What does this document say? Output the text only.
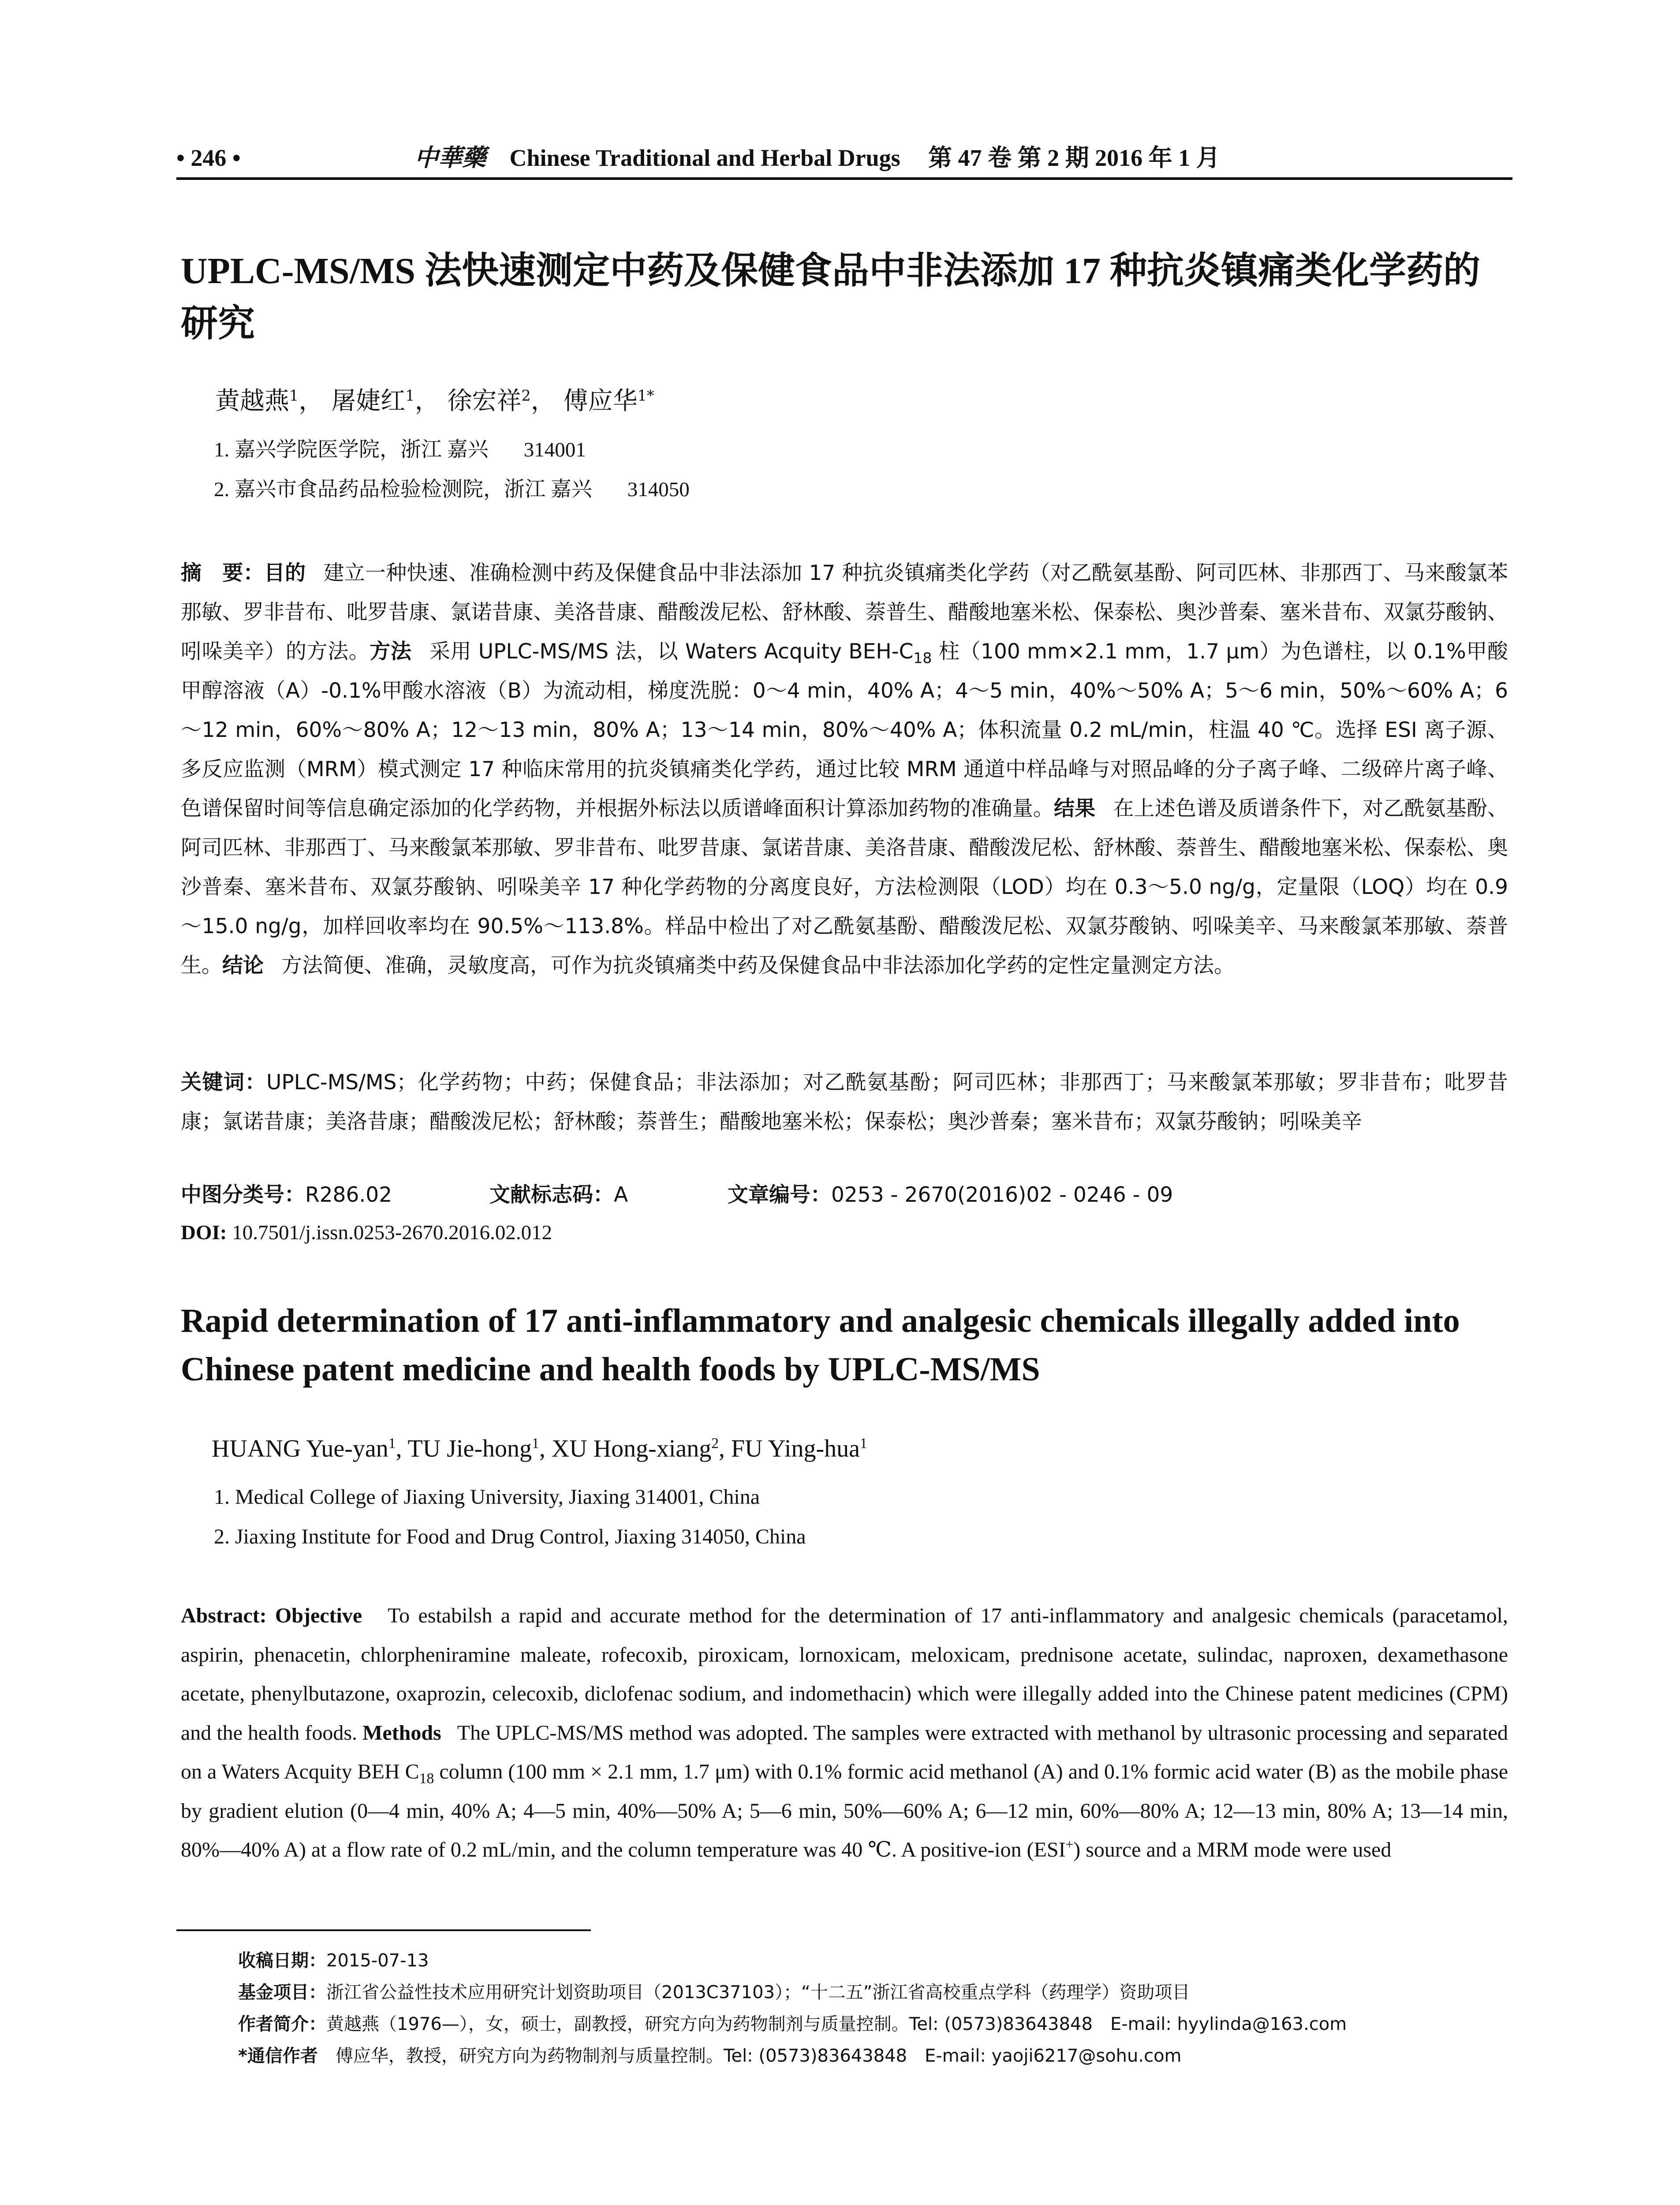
• 246 •	中華藥 Chinese Traditional and Herbal Drugs 第 47 卷 第 2 期 2016 年 1 月
UPLC-MS/MS 法快速测定中药及保健食品中非法添加 17 种抗炎镇痛类化学药的研究
黄越燕$^1$， 屠婕红$^1$， 徐宏祥$^2$， 傅应华$^{1*}$
1. 嘉兴学院医学院，浙江 嘉兴 314001
2. 嘉兴市食品药品检验检测院，浙江 嘉兴 314050
摘　要：目的 建立一种快速、准确检测中药及保健食品中非法添加 17 种抗炎镇痛类化学药（对乙酰氨基酚、阿司匹林、非那西丁、马来酸氯苯那敏、罗非昔布、吡罗昔康、氯诺昔康、美洛昔康、醋酸泼尼松、舒林酸、萘普生、醋酸地塞米松、保泰松、奥沙普秦、塞米昔布、双氯芬酸钠、吲哚美辛）的方法。方法 采用 UPLC-MS/MS 法，以 Waters Acquity BEH-$C_{18}$ 柱（100 mm×2.1 mm，1.7 μm）为色谱柱，以 0.1%甲酸甲醇溶液（A）-0.1%甲酸水溶液（B）为流动相，梯度洗脱：0～4 min，40% A；4～5 min，40%～50% A；5～6 min，50%～60% A；6～12 min，60%～80% A；12～13 min，80% A；13～14 min，80%～40% A；体积流量 0.2 mL/min，柱温 40 ℃。选择 ESI 离子源、多反应监测（MRM）模式测定 17 种临床常用的抗炎镇痛类化学药，通过比较 MRM 通道中样品峰与对照品峰的分子离子峰、二级碎片离子峰、色谱保留时间等信息确定添加的化学药物，并根据外标法以质谱峰面积计算添加药物的准确量。结果 在上述色谱及质谱条件下，对乙酰氨基酚、阿司匹林、非那西丁、马来酸氯苯那敏、罗非昔布、吡罗昔康、氯诺昔康、美洛昔康、醋酸泼尼松、舒林酸、萘普生、醋酸地塞米松、保泰松、奥沙普秦、塞米昔布、双氯芬酸钠、吲哚美辛 17 种化学药物的分离度良好，方法检测限（LOD）均在 0.3～5.0 ng/g，定量限（LOQ）均在 0.9～15.0 ng/g，加样回收率均在 90.5%～113.8%。样品中检出了对乙酰氨基酚、醋酸泼尼松、双氯芬酸钠、吲哚美辛、马来酸氯苯那敏、萘普生。结论 方法简便、准确，灵敏度高，可作为抗炎镇痛类中药及保健食品中非法添加化学药的定性定量测定方法。
关键词：UPLC-MS/MS；化学药物；中药；保健食品；非法添加；对乙酰氨基酚；阿司匹林；非那西丁；马来酸氯苯那敏；罗非昔布；吡罗昔康；氯诺昔康；美洛昔康；醋酸泼尼松；舒林酸；萘普生；醋酸地塞米松；保泰松；奥沙普秦；塞米昔布；双氯芬酸钠；吲哚美辛
中图分类号：R286.02	文献标志码：A	文章编号：0253 - 2670(2016)02 - 0246 - 09
DOI: 10.7501/j.issn.0253-2670.2016.02.012
Rapid determination of 17 anti-inflammatory and analgesic chemicals illegally added into Chinese patent medicine and health foods by UPLC-MS/MS
HUANG Yue-yan$^1$, TU Jie-hong$^1$, XU Hong-xiang$^2$, FU Ying-hua$^1$
1. Medical College of Jiaxing University, Jiaxing 314001, China
2. Jiaxing Institute for Food and Drug Control, Jiaxing 314050, China
Abstract: Objective To estabilsh a rapid and accurate method for the determination of 17 anti-inflammatory and analgesic chemicals (paracetamol, aspirin, phenacetin, chlorpheniramine maleate, rofecoxib, piroxicam, lornoxicam, meloxicam, prednisone acetate, sulindac, naproxen, dexamethasone acetate, phenylbutazone, oxaprozin, celecoxib, diclofenac sodium, and indomethacin) which were illegally added into the Chinese patent medicines (CPM) and the health foods. Methods The UPLC-MS/MS method was adopted. The samples were extracted with methanol by ultrasonic processing and separated on a Waters Acquity BEH $C_{18}$ column (100 mm × 2.1 mm, 1.7 μm) with 0.1% formic acid methanol (A) and 0.1% formic acid water (B) as the mobile phase by gradient elution (0—4 min, 40% A; 4—5 min, 40%—50% A; 5—6 min, 50%—60% A; 6—12 min, 60%—80% A; 12—13 min, 80% A; 13—14 min, 80%—40% A) at a flow rate of 0.2 mL/min, and the column temperature was 40 ℃. A positive-ion (ESI+) source and a MRM mode were used
收稿日期：2015-07-13
基金项目：浙江省公益性技术应用研究计划资助项目（2013C37103）；“十二五”浙江省高校重点学科（药理学）资助项目
作者简介：黄越燕（1976—），女，硕士，副教授，研究方向为药物制剂与质量控制。Tel: (0573)83643848　E-mail: hyylinda@163.com
*通信作者　傅应华，教授，研究方向为药物制剂与质量控制。Tel: (0573)83643848　E-mail: yaoji6217@sohu.com
